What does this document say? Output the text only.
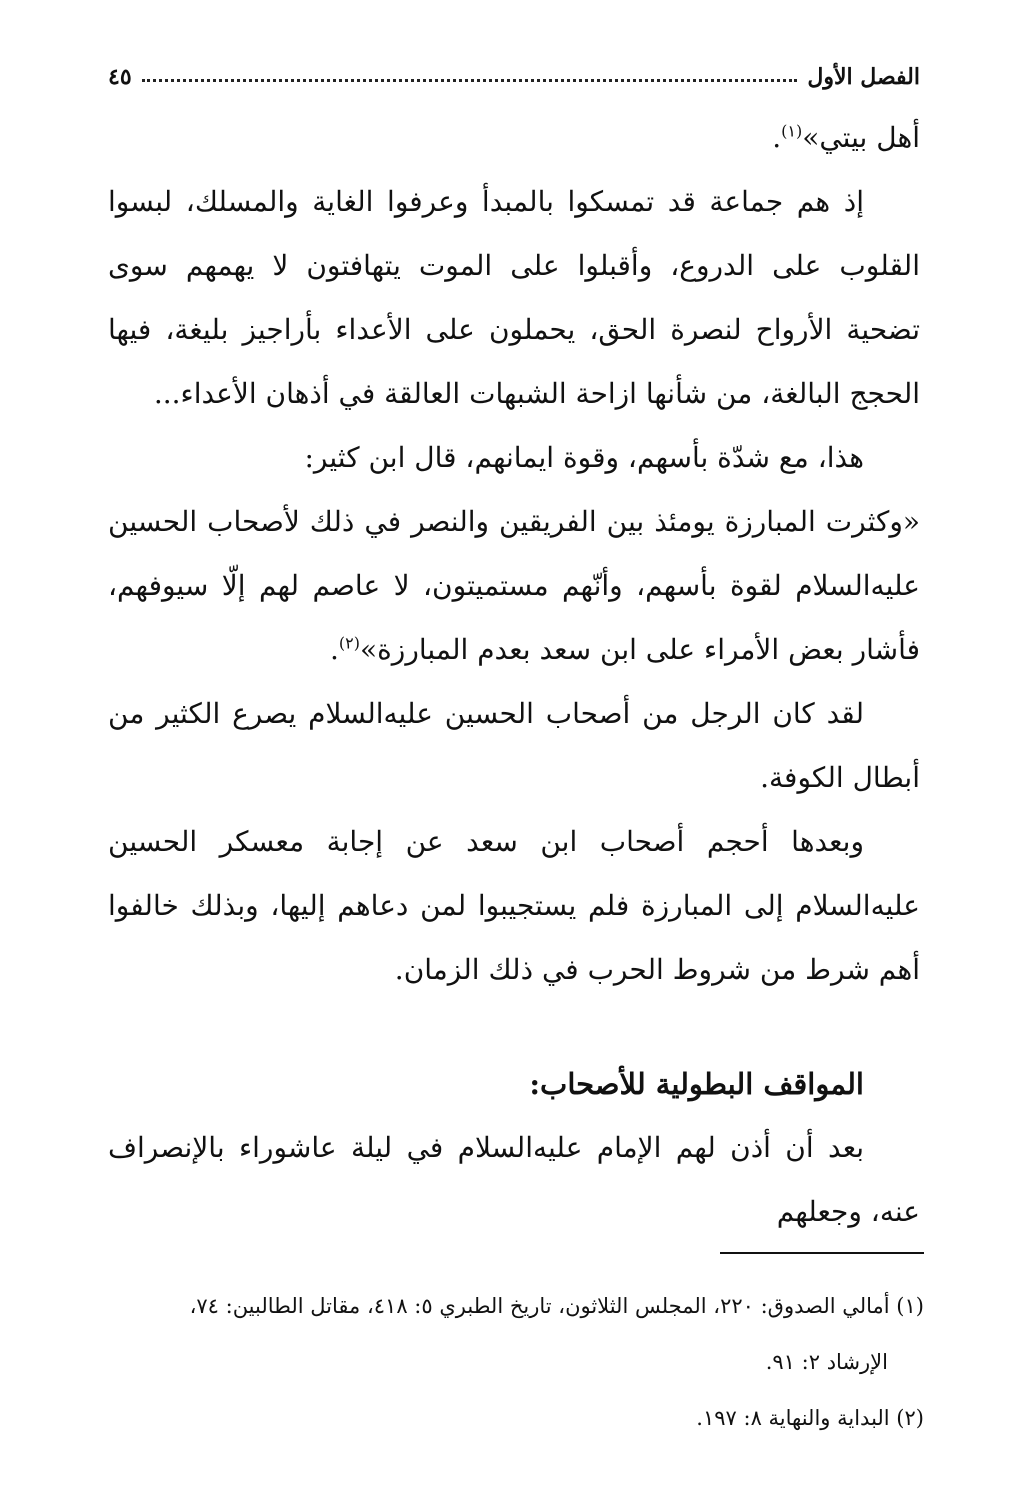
الفصل الأول
٤٥

أهل بيتي»$^{(١)}$.

إذ هم جماعة قد تمسكوا بالمبدأ وعرفوا الغاية والمسلك، لبسوا القلوب على الدروع، وأقبلوا على الموت يتهافتون لا يهمهم سوى تضحية الأرواح لنصرة الحق، يحملون على الأعداء بأراجيز بليغة، فيها الحجج البالغة، من شأنها ازاحة الشبهات العالقة في أذهان الأعداء...

هذا، مع شدّة بأسهم، وقوة ايمانهم، قال ابن كثير:

«وكثرت المبارزة يومئذ بين الفريقين والنصر في ذلك لأصحاب الحسين عليه‌السلام لقوة بأسهم، وأنّهم مستميتون، لا عاصم لهم إلّا سيوفهم، فأشار بعض الأمراء على ابن سعد بعدم المبارزة»$^{(٢)}$.

لقد كان الرجل من أصحاب الحسين عليه‌السلام يصرع الكثير من أبطال الكوفة.

وبعدها أحجم أصحاب ابن سعد عن إجابة معسكر الحسين عليه‌السلام إلى المبارزة فلم يستجيبوا لمن دعاهم إليها، وبذلك خالفوا أهم شرط من شروط الحرب في ذلك الزمان.

المواقف البطولية للأصحاب:

بعد أن أذن لهم الإمام عليه‌السلام في ليلة عاشوراء بالإنصراف عنه، وجعلهم

(١) أمالي الصدوق: ٢٢٠، المجلس الثلاثون، تاريخ الطبري ٥: ٤١٨، مقاتل الطالبين: ٧٤،

الإرشاد ٢: ٩١.

(٢) البداية والنهاية ٨: ١٩٧.
